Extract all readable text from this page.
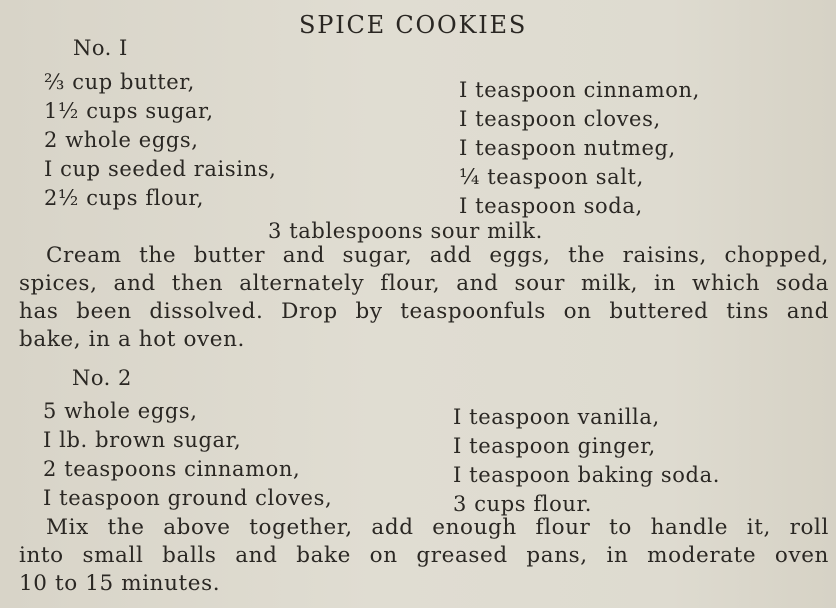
SPICE COOKIES
No. I
⅔ cup butter,
1½ cups sugar,
2 whole eggs,
I cup seeded raisins,
2½ cups flour,
I teaspoon cinnamon,
I teaspoon cloves,
I teaspoon nutmeg,
¼ teaspoon salt,
I teaspoon soda,
3 tablespoons sour milk.
Cream the butter and sugar, add eggs, the raisins, chopped,
spices, and then alternately flour, and sour milk, in which soda
has been dissolved. Drop by teaspoonfuls on buttered tins and
bake, in a hot oven.
No. 2
5 whole eggs,
I lb. brown sugar,
2 teaspoons cinnamon,
I teaspoon ground cloves,
I teaspoon vanilla,
I teaspoon ginger,
I teaspoon baking soda.
3 cups flour.
Mix the above together, add enough flour to handle it, roll
into small balls and bake on greased pans, in moderate oven
10 to 15 minutes.
